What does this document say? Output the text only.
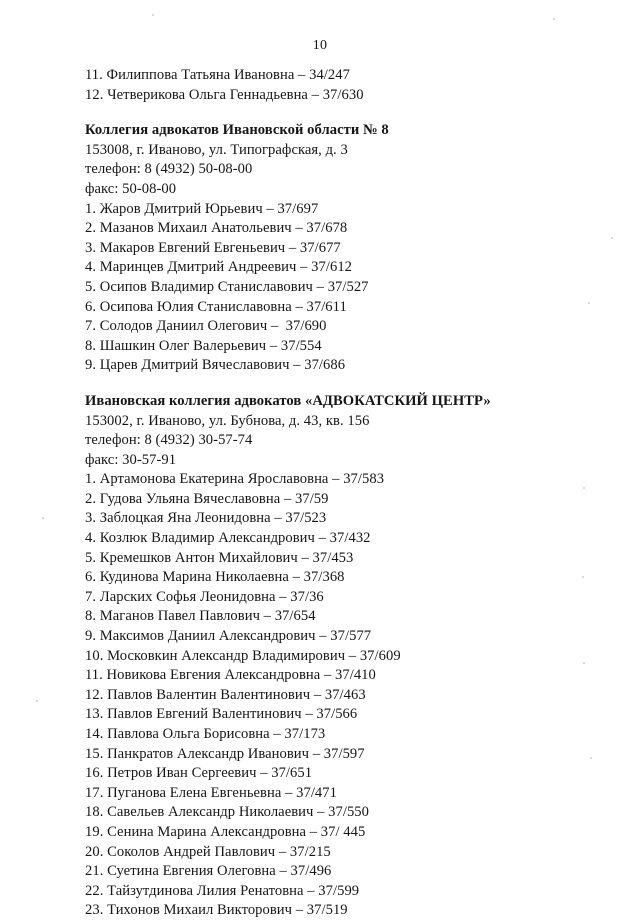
10
11. Филиппова Татьяна Ивановна – 34/247
12. Четверикова Ольга Геннадьевна – 37/630
Коллегия адвокатов Ивановской области № 8
153008, г. Иваново, ул. Типографская, д. 3
телефон: 8 (4932) 50-08-00
факс: 50-08-00
1. Жаров Дмитрий Юрьевич – 37/697
2. Мазанов Михаил Анатольевич – 37/678
3. Макаров Евгений Евгеньевич – 37/677
4. Маринцев Дмитрий Андреевич – 37/612
5. Осипов Владимир Станиславович – 37/527
6. Осипова Юлия Станиславовна – 37/611
7. Солодов Даниил Олегович –  37/690
8. Шашкин Олег Валерьевич – 37/554
9. Царев Дмитрий Вячеславович – 37/686
Ивановская коллегия адвокатов «АДВОКАТСКИЙ ЦЕНТР»
153002, г. Иваново, ул. Бубнова, д. 43, кв. 156
телефон: 8 (4932) 30-57-74
факс: 30-57-91
1. Артамонова Екатерина Ярославовна – 37/583
2. Гудова Ульяна Вячеславовна – 37/59
3. Заблоцкая Яна Леонидовна – 37/523
4. Козлюк Владимир Александрович – 37/432
5. Кремешков Антон Михайлович – 37/453
6. Кудинова Марина Николаевна – 37/368
7. Ларских Софья Леонидовна – 37/36
8. Маганов Павел Павлович – 37/654
9. Максимов Даниил Александрович – 37/577
10. Московкин Александр Владимирович – 37/609
11. Новикова Евгения Александровна – 37/410
12. Павлов Валентин Валентинович – 37/463
13. Павлов Евгений Валентинович – 37/566
14. Павлова Ольга Борисовна – 37/173
15. Панкратов Александр Иванович – 37/597
16. Петров Иван Сергеевич – 37/651
17. Пуганова Елена Евгеньевна – 37/471
18. Савельев Александр Николаевич – 37/550
19. Сенина Марина Александровна – 37/ 445
20. Соколов Андрей Павлович – 37/215
21. Суетина Евгения Олеговна – 37/496
22. Тайзутдинова Лилия Ренатовна – 37/599
23. Тихонов Михаил Викторович – 37/519
